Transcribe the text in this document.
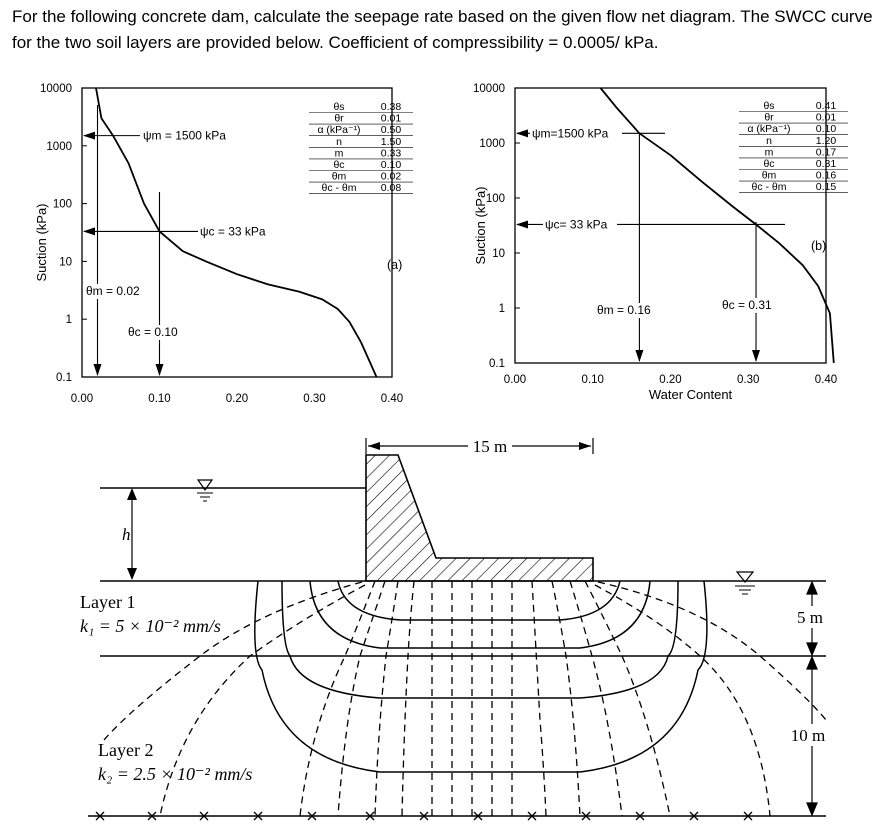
For the following concrete dam, calculate the seepage rate based on the given flow net diagram. The SWCC curve for the two soil layers are provided below. Coefficient of compressibility = 0.0005/ kPa.
0.1
1
10
100
1000
10000
0.00	0.10	0.20	0.30	0.40
Suction (kPa)
ψm = 1500 kPa
ψc = 33 kPa
θm = 0.02
θc = 0.10
(a)
θs	0.38
θr	0.01
α (kPa⁻¹) 0.50
n	1.50
m	0.33
θc	0.10
θm	0.02
θc - θm 0.08
0.1
1
10
100
1000
10000
0.00	0.10	0.20	0.30	0.40
Suction (kPa)
Water Content
ψm=1500 kPa
ψc= 33 kPa
θm = 0.16	θc = 0.31
(b)
θs	0.41
θr	0.01
α (kPa⁻¹) 0.10
n	1.20
m	0.17
θc	0.31
θm	0.16
θc - θm	0.15
15 m
h
Layer 1
k₁ = 5 × 10⁻² mm/s
Layer 2
k₂ = 2.5 × 10⁻² mm/s
5 m
10 m
